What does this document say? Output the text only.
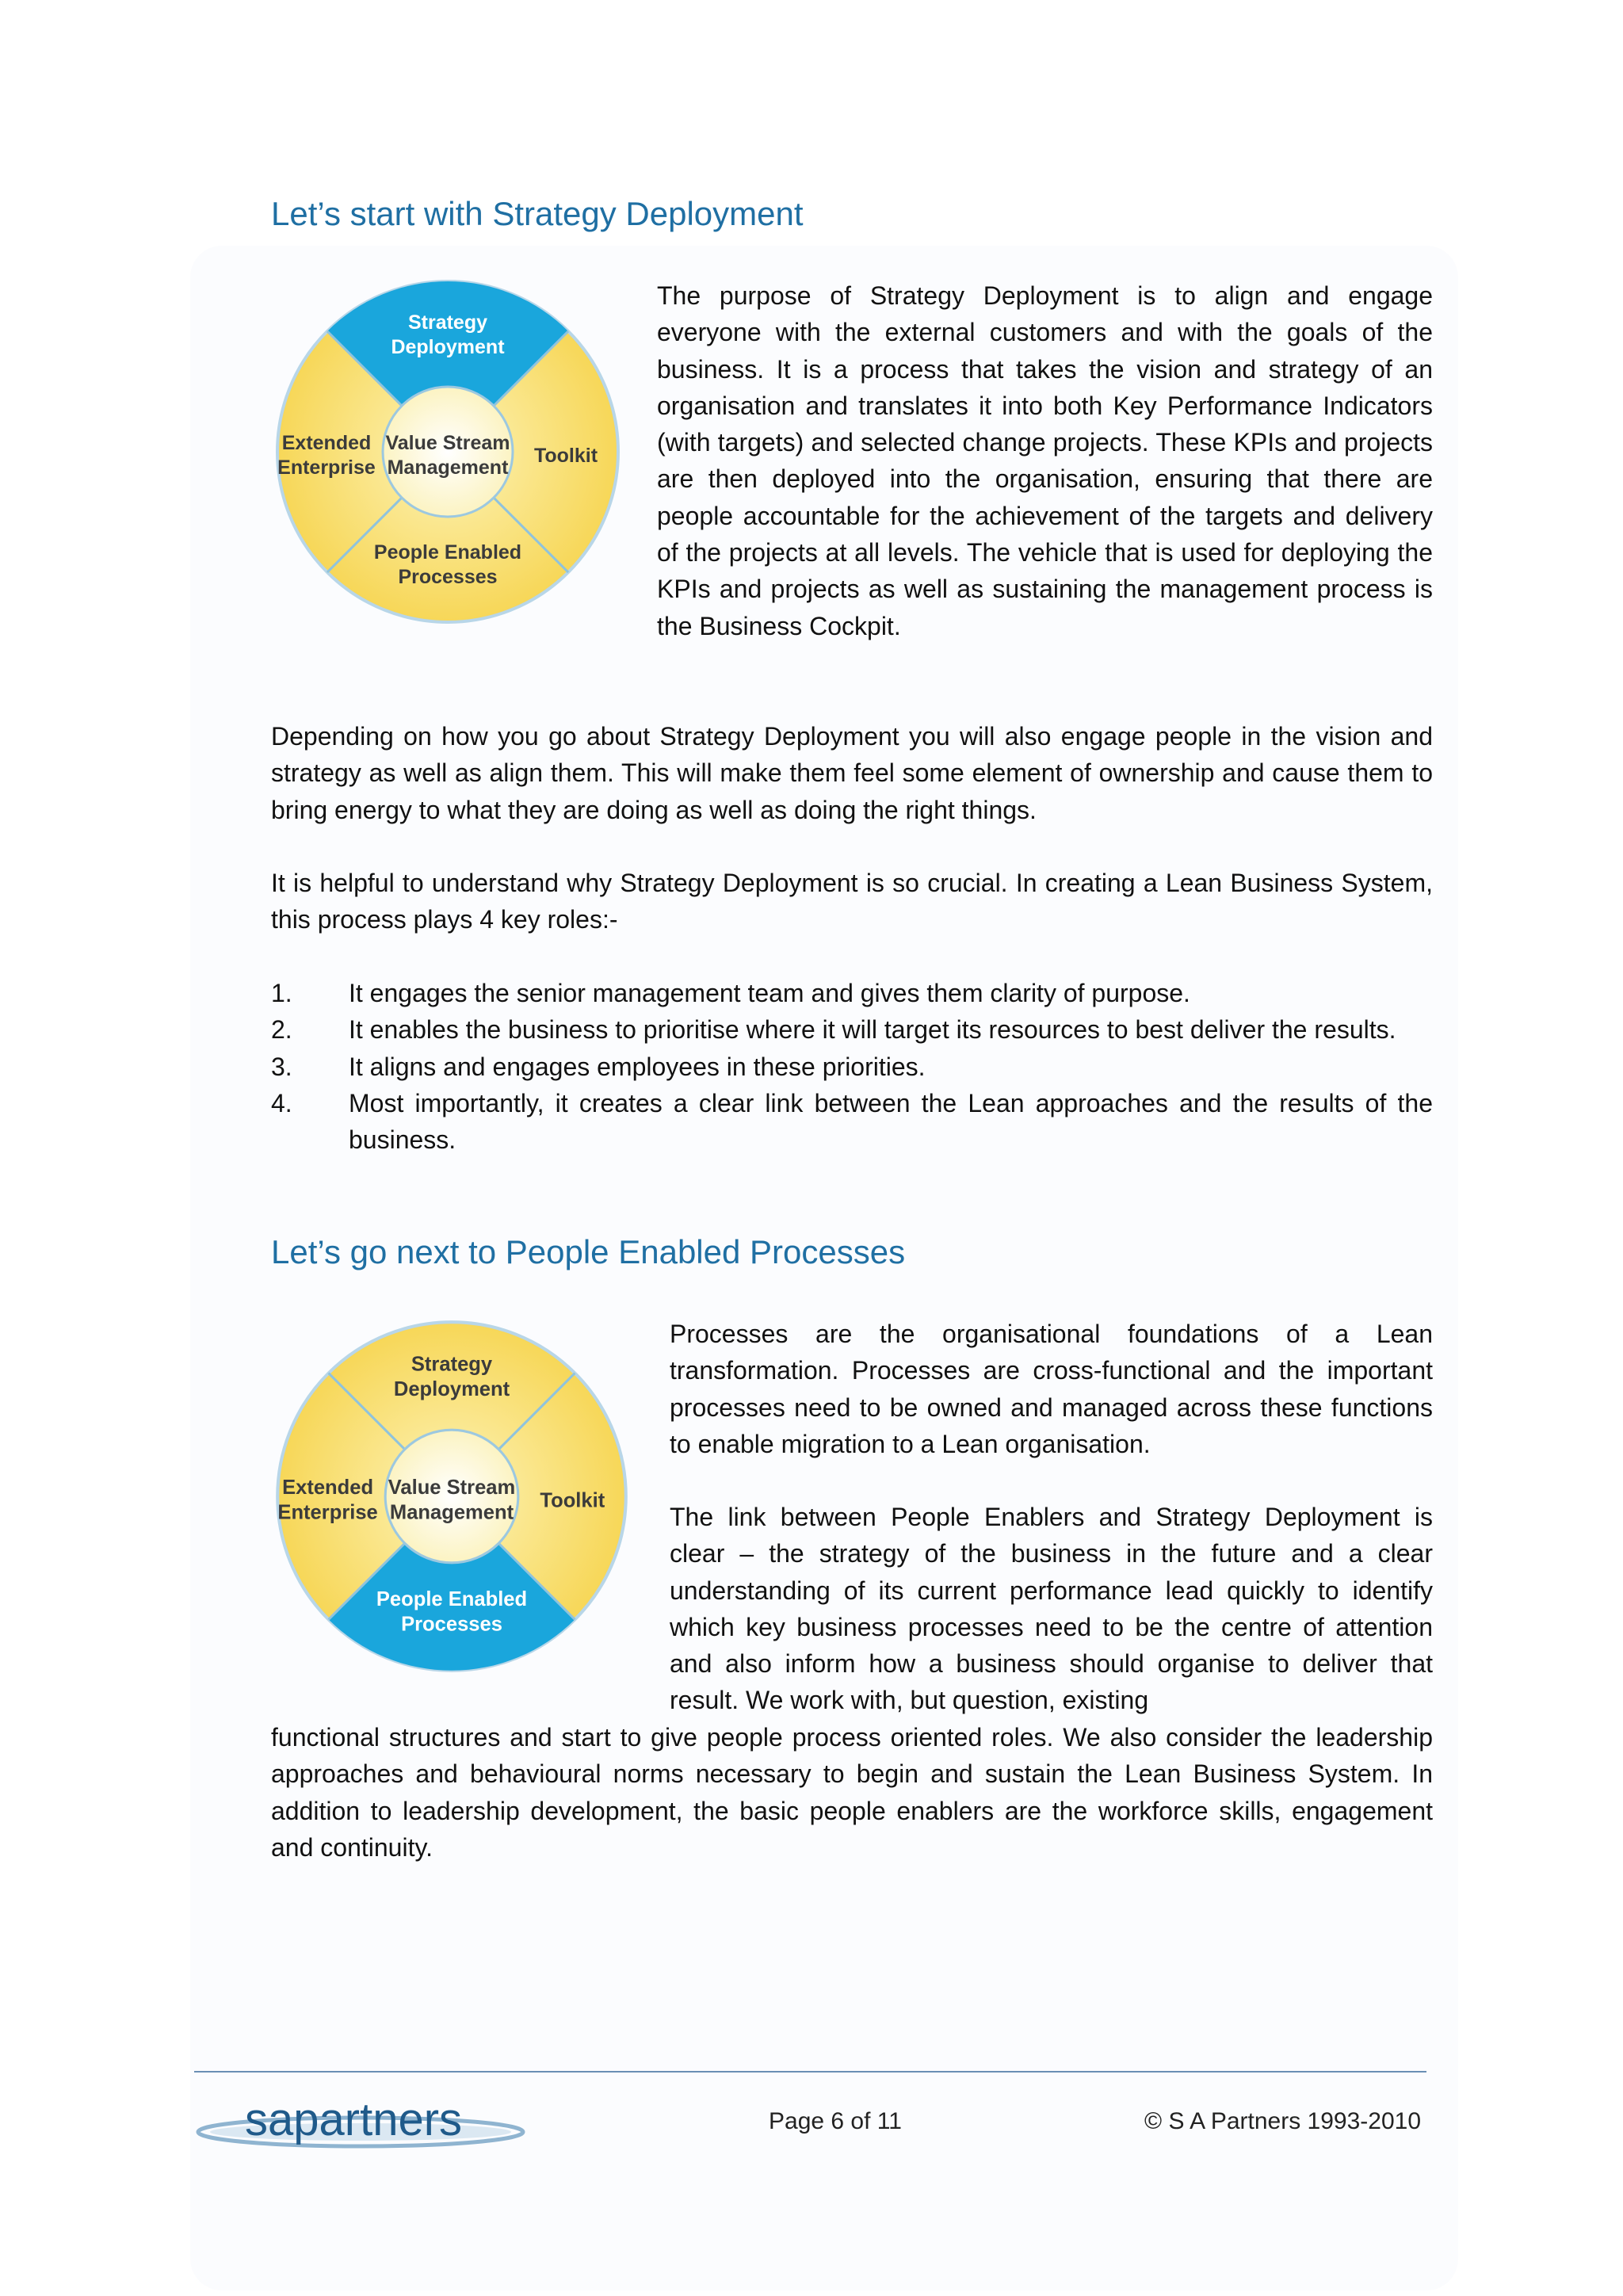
Let’s start with Strategy Deployment
Strategy
Deployment
Extended
Enterprise
Toolkit
People Enabled
Processes
Value Stream
Management

The purpose of Strategy Deployment is to align and engage everyone with the external customers and with the goals of the business. It is a process that takes the vision and strategy of an organisation and translates it into both Key Performance Indicators (with targets) and selected change projects. These KPIs and projects are then deployed into the organisation, ensuring that there are people accountable for the achievement of the targets and delivery of the projects at all levels. The vehicle that is used for deploying the KPIs and projects as well as sustaining the management process is the Business Cockpit.

Depending on how you go about Strategy Deployment you will also engage people in the vision and strategy as well as align them. This will make them feel some element of ownership and cause them to bring energy to what they are doing as well as doing the right things.

It is helpful to understand why Strategy Deployment is so crucial. In creating a Lean Business System, this process plays 4 key roles:-

1. It engages the senior management team and gives them clarity of purpose.
2. It enables the business to prioritise where it will target its resources to best deliver the results.
3. It aligns and engages employees in these priorities.
4. Most importantly, it creates a clear link between the Lean approaches and the results of the business.
Let’s go next to People Enabled Processes
Strategy
Deployment
Extended
Enterprise
Toolkit
People Enabled
Processes
Value Stream
Management

Processes are the organisational foundations of a Lean transformation. Processes are cross-functional and the important processes need to be owned and managed across these functions to enable migration to a Lean organisation.

The link between People Enablers and Strategy Deployment is clear – the strategy of the business in the future and a clear understanding of its current performance lead quickly to identify which key business processes need to be the centre of attention and also inform how a business should organise to deliver that result. We work with, but question, existing

functional structures and start to give people process oriented roles. We also consider the leadership approaches and behavioural norms necessary to begin and sustain the Lean Business System. In addition to leadership development, the basic people enablers are the workforce skills, engagement and continuity.

sapartners	Page 6 of 11	© S A Partners 1993-2010
